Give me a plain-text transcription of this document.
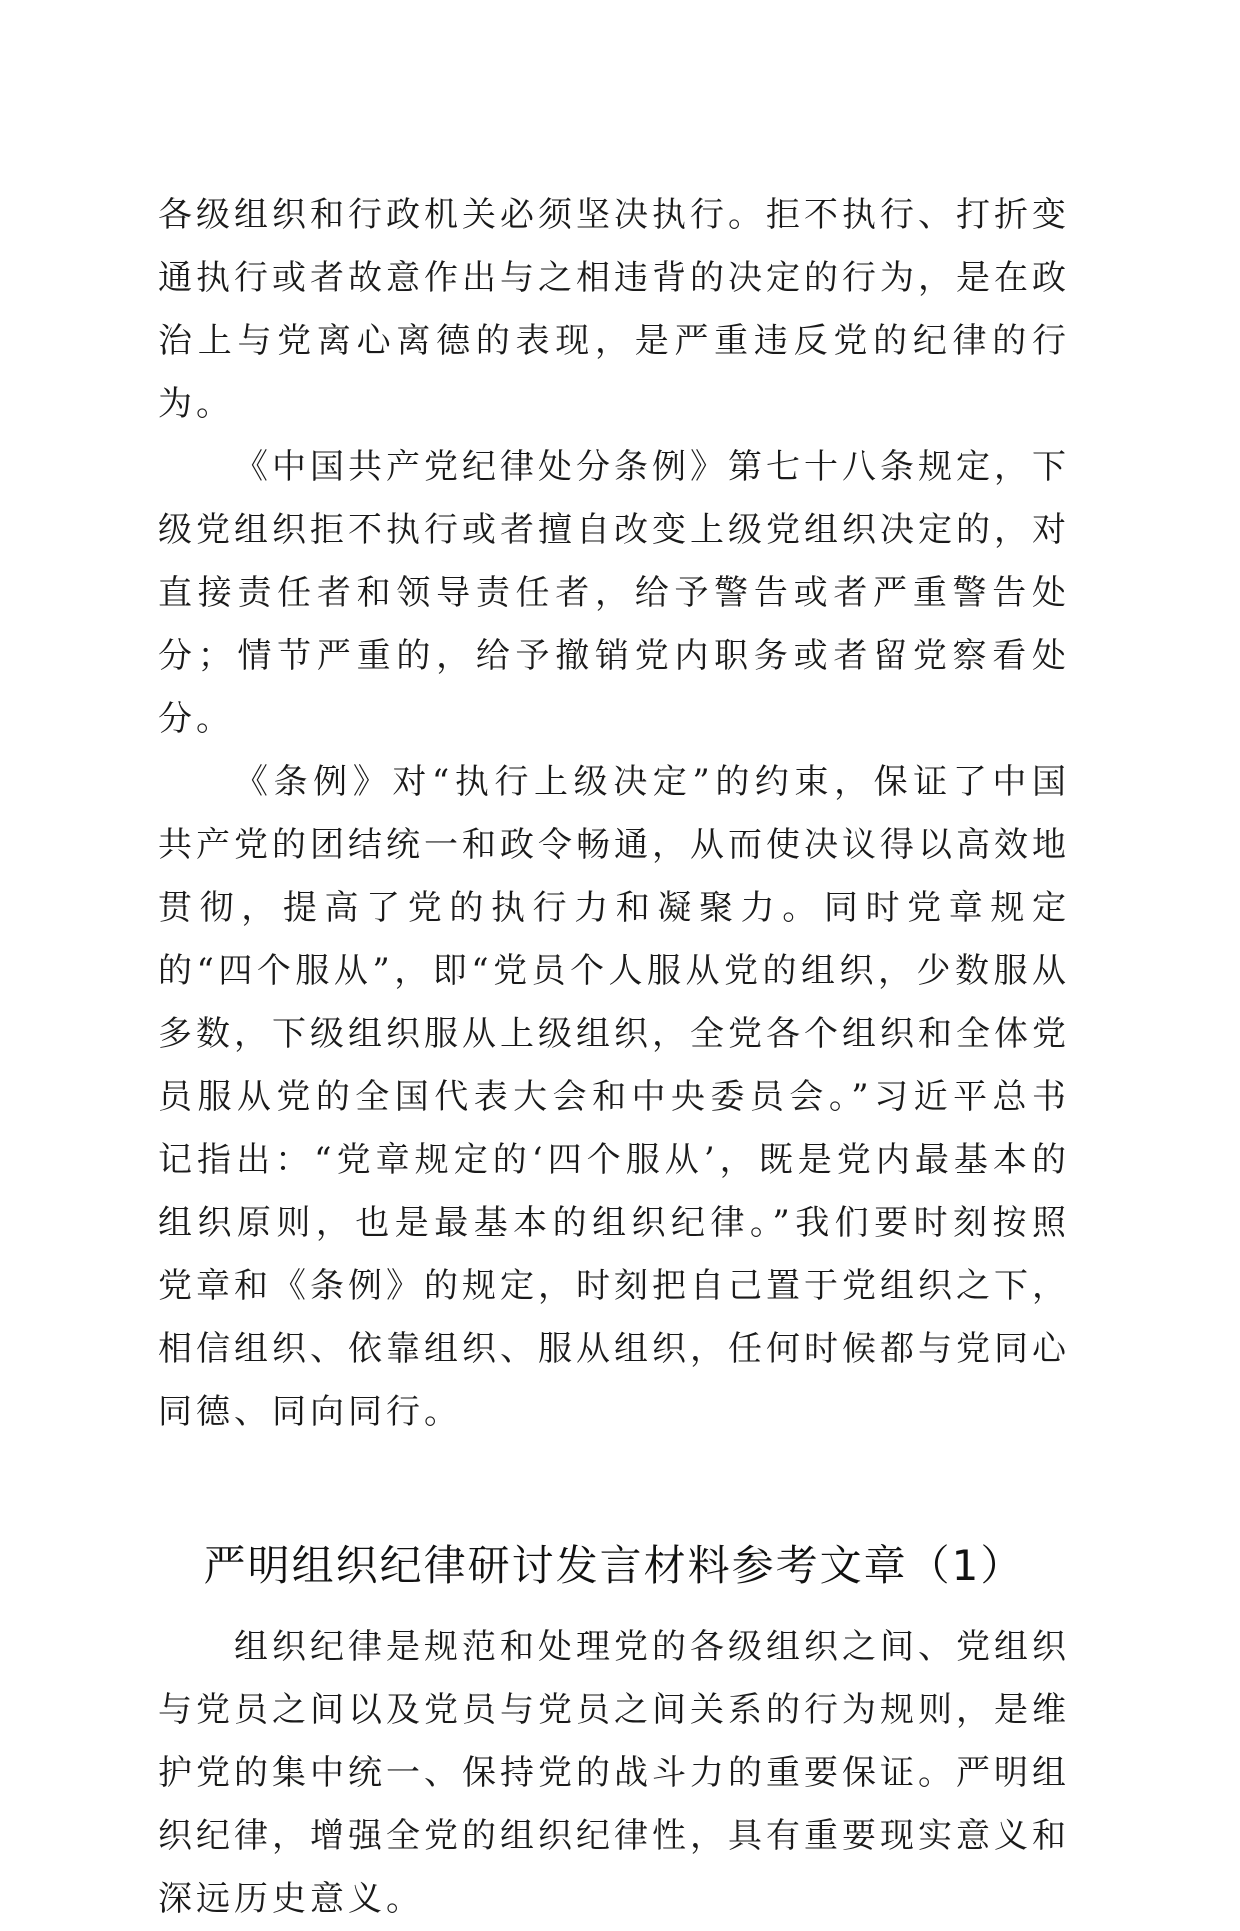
各级组织和行政机关必须坚决执行。拒不执行、打折变通执行或者故意作出与之相违背的决定的行为，是在政治上与党离心离德的表现，是严重违反党的纪律的行为。

《中国共产党纪律处分条例》第七十八条规定，下级党组织拒不执行或者擅自改变上级党组织决定的，对直接责任者和领导责任者，给予警告或者严重警告处分；情节严重的，给予撤销党内职务或者留党察看处分。

《条例》对“执行上级决定”的约束，保证了中国共产党的团结统一和政令畅通，从而使决议得以高效地贯彻，提高了党的执行力和凝聚力。同时党章规定的“四个服从”，即“党员个人服从党的组织，少数服从多数，下级组织服从上级组织，全党各个组织和全体党员服从党的全国代表大会和中央委员会。”习近平总书记指出：“党章规定的‘四个服从’，既是党内最基本的组织原则，也是最基本的组织纪律。”我们要时刻按照党章和《条例》的规定，时刻把自己置于党组织之下，相信组织、依靠组织、服从组织，任何时候都与党同心同德、同向同行。

严明组织纪律研讨发言材料参考文章（1）

组织纪律是规范和处理党的各级组织之间、党组织与党员之间以及党员与党员之间关系的行为规则，是维护党的集中统一、保持党的战斗力的重要保证。严明组织纪律，增强全党的组织纪律性，具有重要现实意义和深远历史意义。
